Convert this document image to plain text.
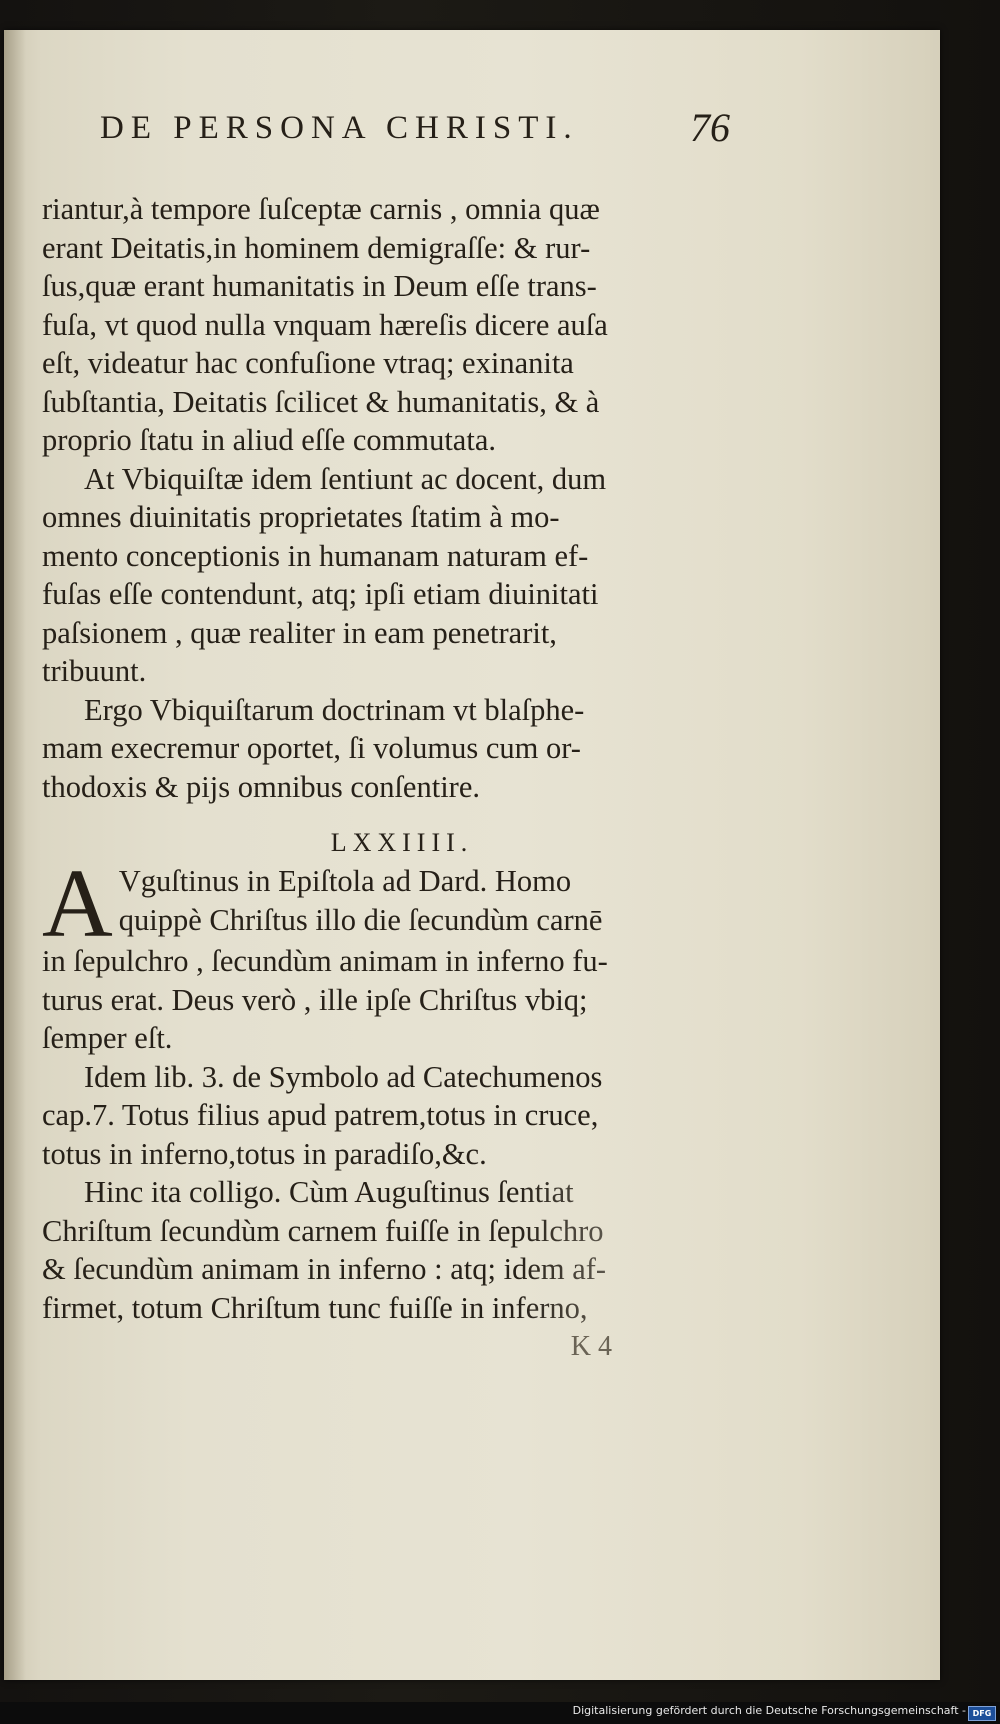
DE PERSONA CHRISTI.	76
riantur,à tempore ſuſceptæ carnis , omnia quæ
erant Deitatis,in hominem demigraſſe: & rur-
ſus,quæ erant humanitatis in Deum eſſe trans-
fuſa, vt quod nulla vnquam hæreſis dicere auſa
eſt, videatur hac confuſione vtraq; exinanita
ſubſtantia, Deitatis ſcilicet & humanitatis, & à
proprio ſtatu in aliud eſſe commutata.
At Vbiquiſtæ idem ſentiunt ac docent, dum
omnes diuinitatis proprietates ſtatim à mo-
mento conceptionis in humanam naturam ef-
fuſas eſſe contendunt, atq; ipſi etiam diuinitati
paſsionem , quæ realiter in eam penetrarit,
tribuunt.
Ergo Vbiquiſtarum doctrinam vt blaſphe-
mam execremur oportet, ſi volumus cum or-
thodoxis & pijs omnibus conſentire.
LXXIIII.
A Vguſtinus in Epiſtola ad Dard. Homo
quippè Chriſtus illo die ſecundùm carnē
in ſepulchro , ſecundùm animam in inferno fu-
turus erat. Deus verò , ille ipſe Chriſtus vbiq;
ſemper eſt.
Idem lib. 3. de Symbolo ad Catechumenos
cap.7. Totus filius apud patrem,totus in cruce,
totus in inferno,totus in paradiſo,&c.
Hinc ita colligo. Cùm Auguſtinus ſentiat
Chriſtum ſecundùm carnem fuiſſe in ſepulchro
& ſecundùm animam in inferno : atq; idem af-
firmet, totum Chriſtum tunc fuiſſe in inferno,
K 4
Digitalisierung gefördert durch die Deutsche Forschungsgemeinschaft - DFG
